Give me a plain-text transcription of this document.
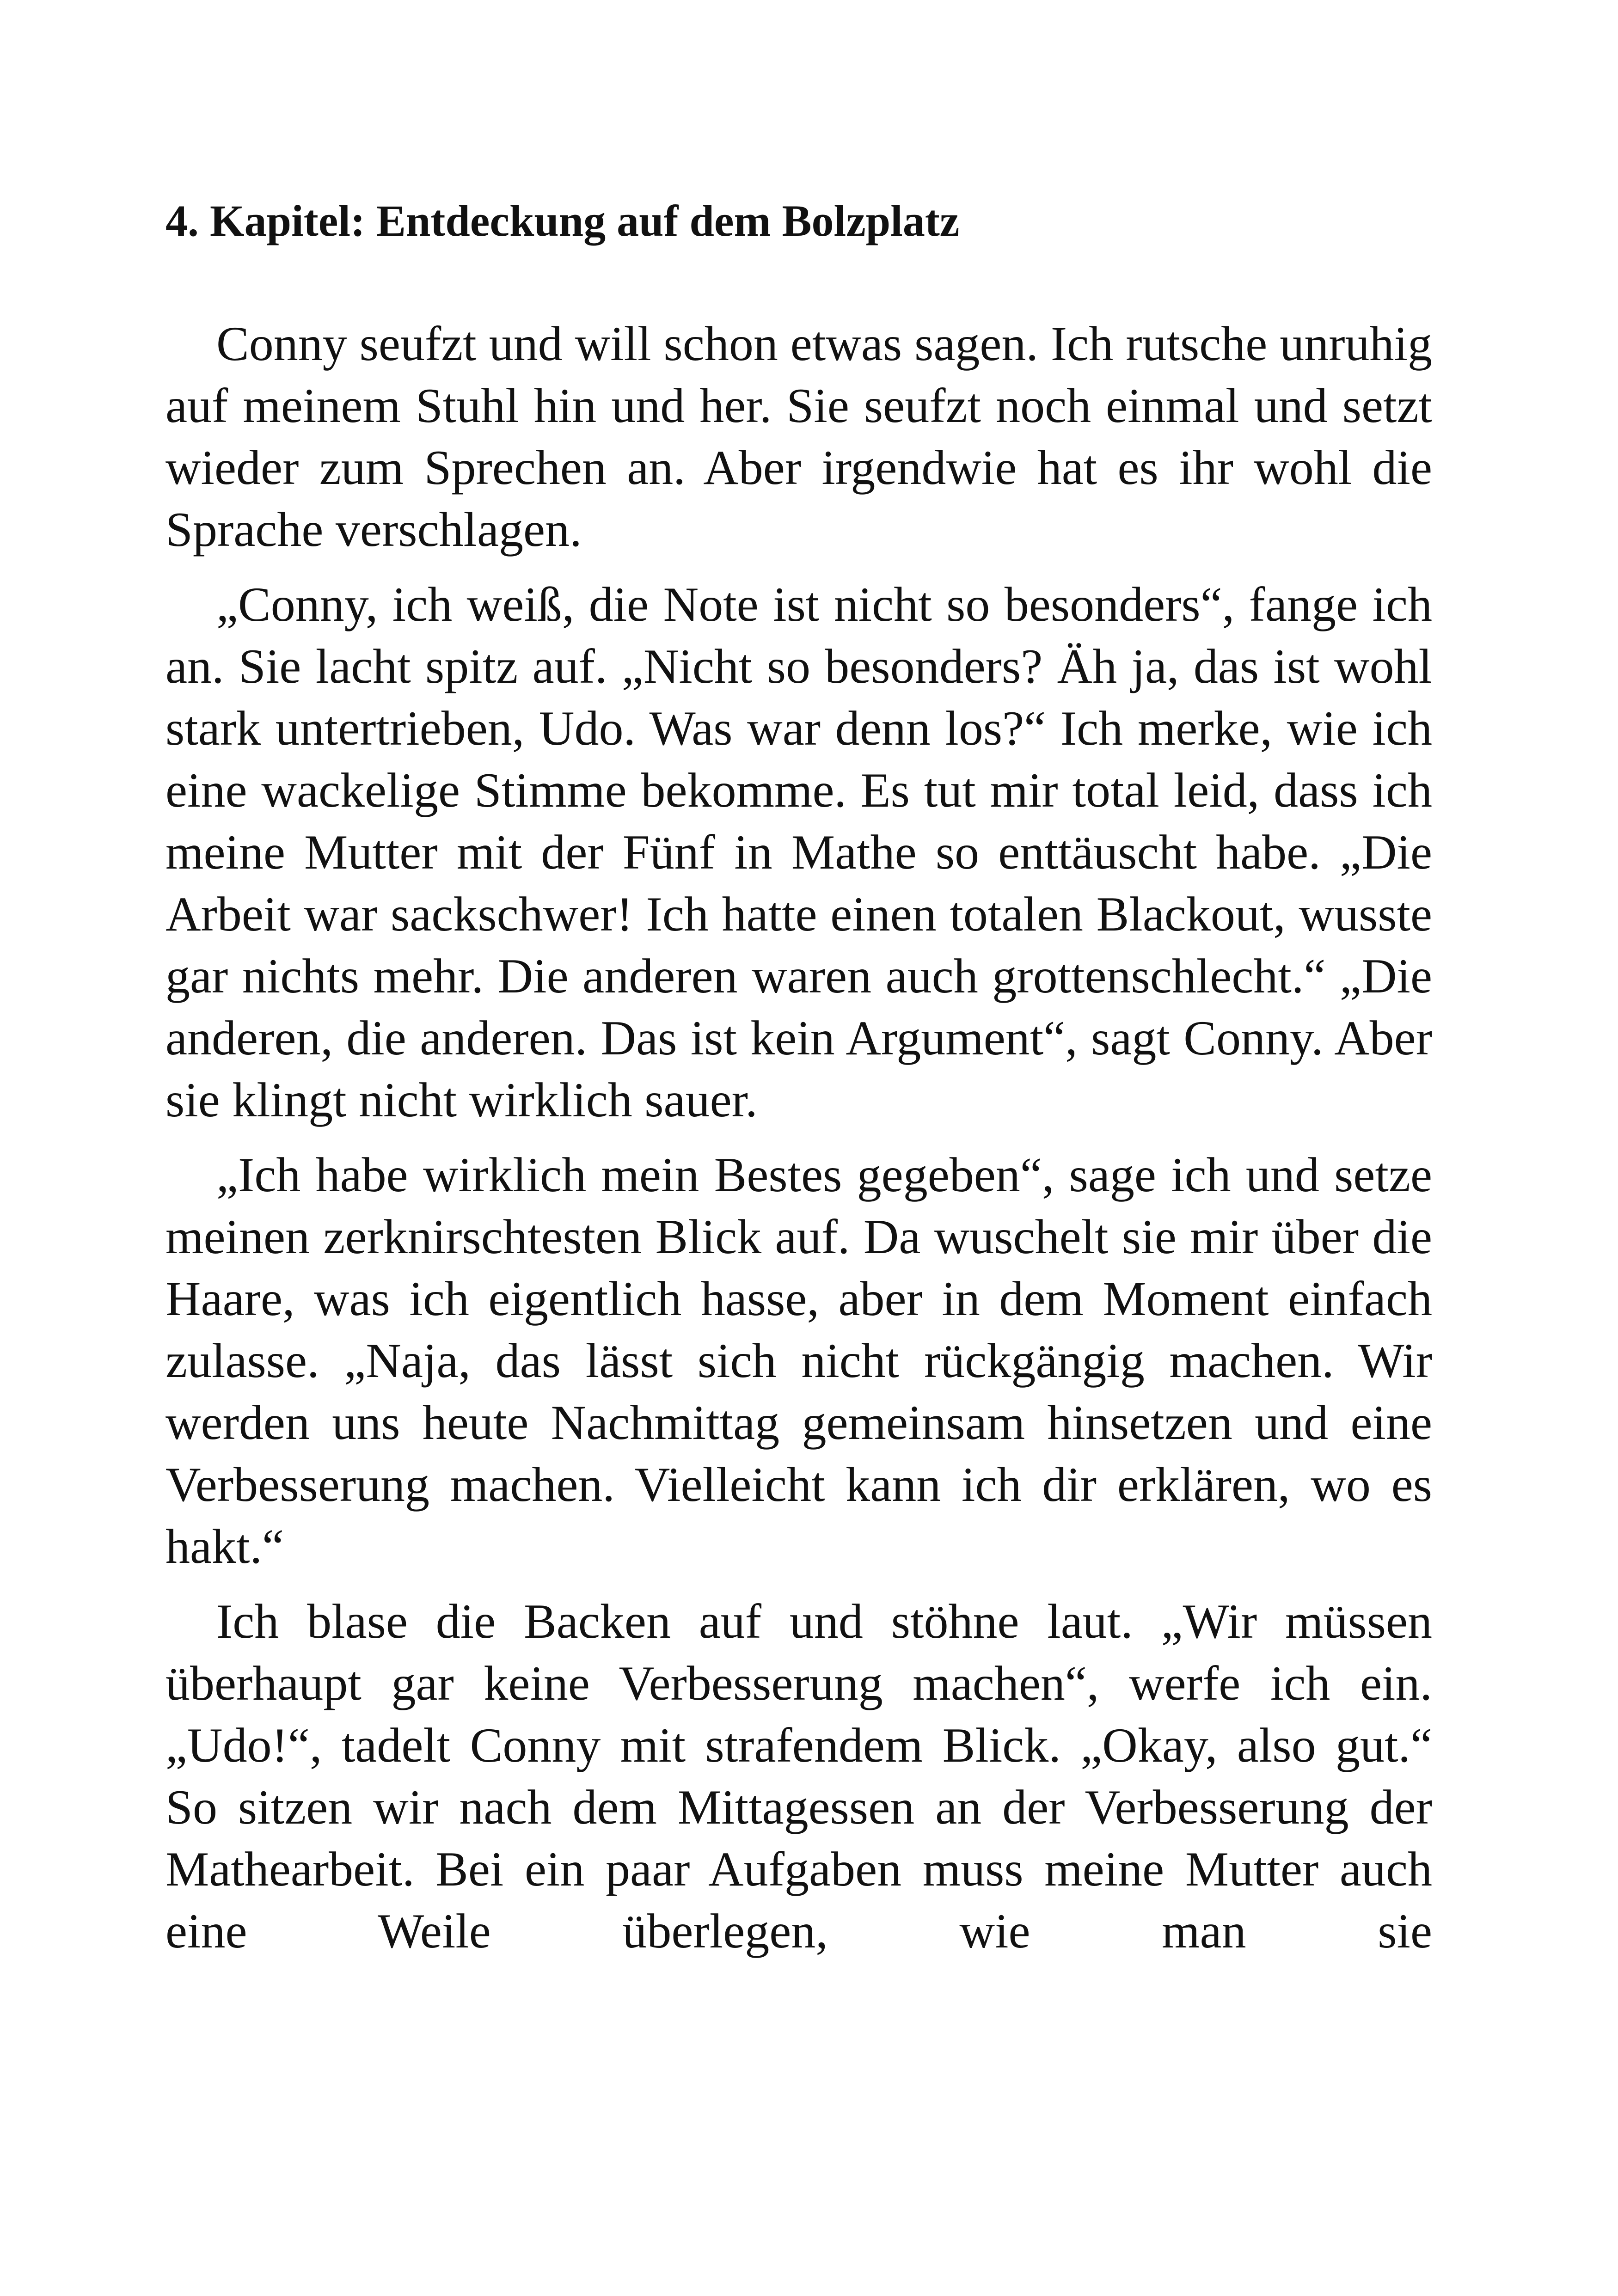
4. Kapitel: Entdeckung auf dem Bolzplatz

Conny seufzt und will schon etwas sagen. Ich rutsche unruhig auf meinem Stuhl hin und her. Sie seufzt noch einmal und setzt wieder zum Sprechen an. Aber irgendwie hat es ihr wohl die Sprache verschlagen.

„Conny, ich weiß, die Note ist nicht so besonders“, fange ich an. Sie lacht spitz auf. „Nicht so besonders? Äh ja, das ist wohl stark untertrieben, Udo. Was war denn los?“ Ich merke, wie ich eine wackelige Stimme bekomme. Es tut mir total leid, dass ich meine Mutter mit der Fünf in Mathe so enttäuscht habe. „Die Arbeit war sackschwer! Ich hatte einen totalen Blackout, wusste gar nichts mehr. Die anderen waren auch grottenschlecht.“ „Die anderen, die anderen. Das ist kein Argument“, sagt Conny. Aber sie klingt nicht wirklich sauer.

„Ich habe wirklich mein Bestes gegeben“, sage ich und setze meinen zerknirschtesten Blick auf. Da wuschelt sie mir über die Haare, was ich eigentlich hasse, aber in dem Moment einfach zulasse. „Naja, das lässt sich nicht rückgängig machen. Wir werden uns heute Nachmittag gemeinsam hinsetzen und eine Verbesserung machen. Vielleicht kann ich dir erklären, wo es hakt.“

Ich blase die Backen auf und stöhne laut. „Wir müssen überhaupt gar keine Verbesserung machen“, werfe ich ein. „Udo!“, tadelt Conny mit strafendem Blick. „Okay, also gut.“ So sitzen wir nach dem Mittagessen an der Verbesserung der Mathearbeit. Bei ein paar Aufgaben muss meine Mutter auch eine Weile überlegen, wie man sie
